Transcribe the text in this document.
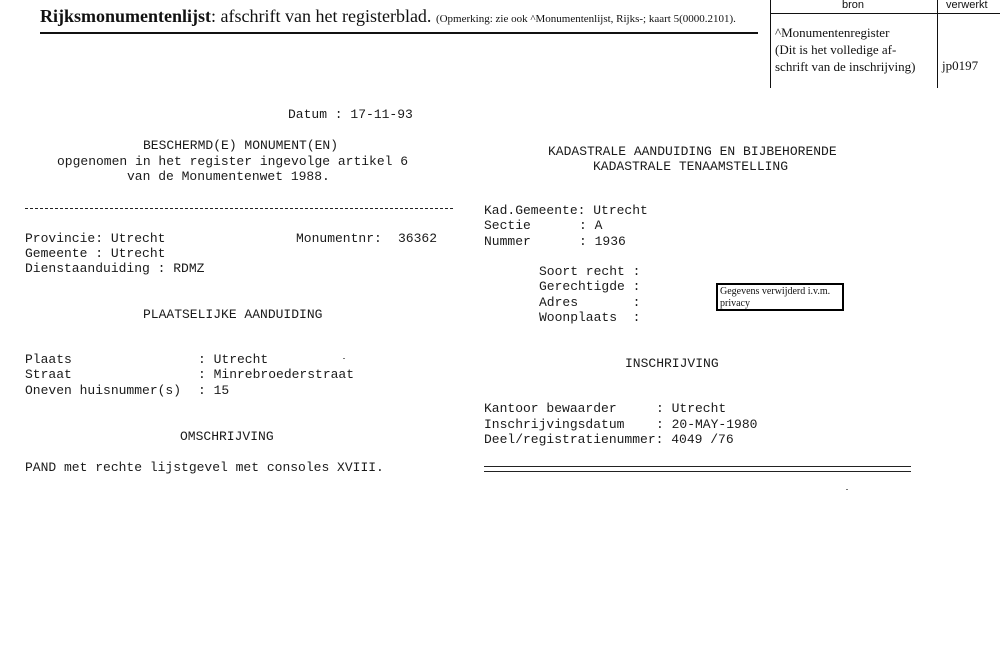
Rijksmonumentenlijst: afschrift van het registerblad. (Opmerking: zie ook ^Monumentenlijst, Rijks-; kaart 5(0000.2101).
bron	verwerkt
^Monumentenregister
(Dit is het volledige af-
schrift van de inschrijving)	jp0197
Datum : 17-11-93
BESCHERMD(E) MONUMENT(EN)
opgenomen in het register ingevolge artikel 6
van de Monumentenwet 1988.
Provincie: Utrecht	Monumentnr: 36362
Gemeente : Utrecht
Dienstaanduiding : RDMZ
PLAATSELIJKE AANDUIDING
Plaats	: Utrecht
Straat	: Minrebroederstraat
Oneven huisnummer(s) : 15
OMSCHRIJVING
PAND met rechte lijstgevel met consoles XVIII.
KADASTRALE AANDUIDING EN BIJBEHORENDE
KADASTRALE TENAAMSTELLING
Kad.Gemeente: Utrecht
Sectie	: A
Nummer	: 1936
Soort recht :
Gerechtigde :
Adres       :
Woonplaats  :
Gegevens verwijderd i.v.m. privacy
INSCHRIJVING
Kantoor bewaarder	: Utrecht
Inschrijvingsdatum : 20-MAY-1980
Deel/registratienummer: 4049 /76
